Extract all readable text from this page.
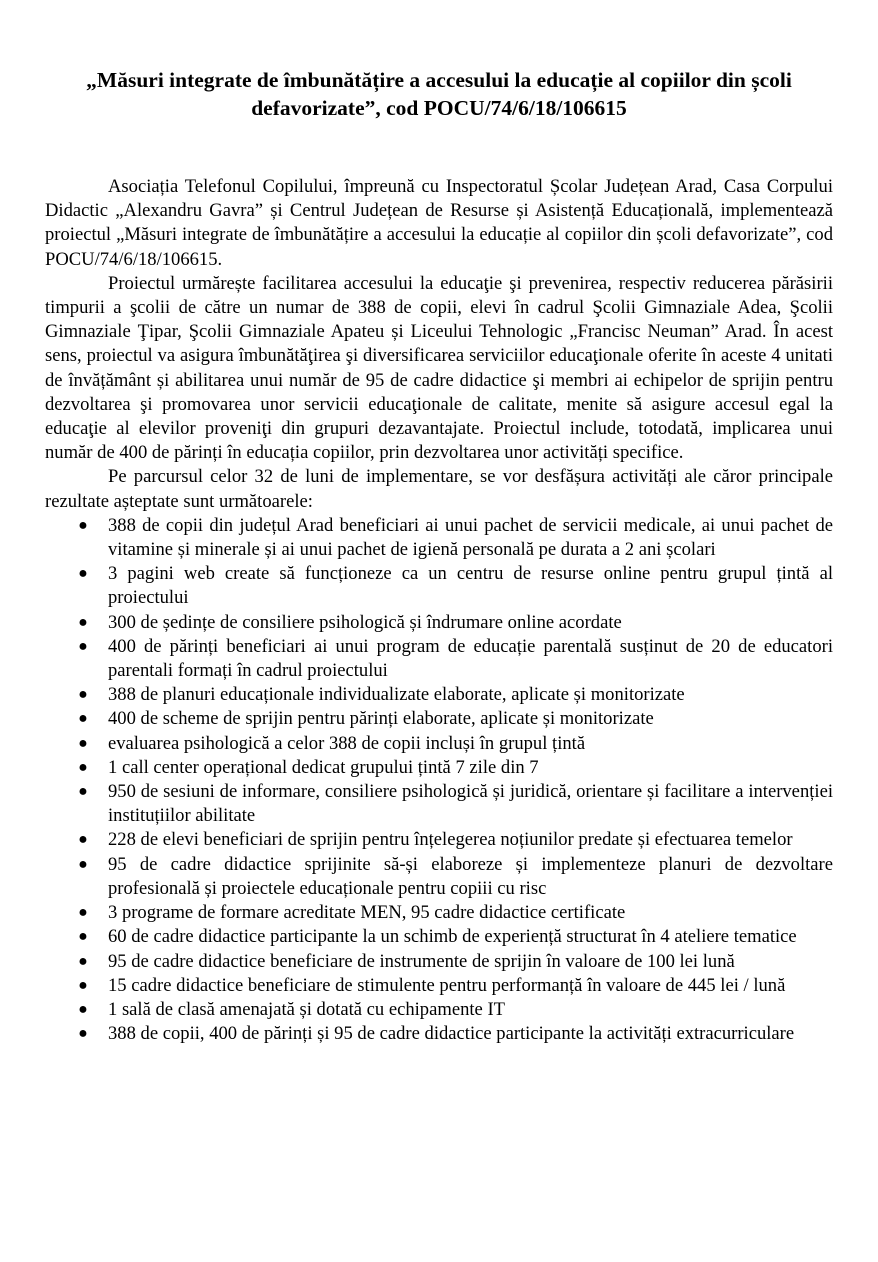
„Măsuri integrate de îmbunătățire a accesului la educație al copiilor din școli defavorizate”, cod POCU/74/6/18/106615

Asociația Telefonul Copilului, împreună cu Inspectoratul Școlar Județean Arad, Casa Corpului Didactic „Alexandru Gavra” și Centrul Județean de Resurse și Asistență Educațională, implementează proiectul „Măsuri integrate de îmbunătățire a accesului la educație al copiilor din școli defavorizate”, cod POCU/74/6/18/106615.

Proiectul urmărește facilitarea accesului la educaţie şi prevenirea, respectiv reducerea părăsirii timpurii a şcolii de către un numar de 388 de copii, elevi în cadrul Şcolii Gimnaziale Adea, Şcolii Gimnaziale Ţipar, Şcolii Gimnaziale Apateu și Liceului Tehnologic „Francisc Neuman” Arad. În acest sens, proiectul va asigura îmbunătăţirea şi diversificarea serviciilor educaţionale oferite în aceste 4 unitati de învățământ și abilitarea unui număr de 95 de cadre didactice şi membri ai echipelor de sprijin pentru dezvoltarea şi promovarea unor servicii educaţionale de calitate, menite să asigure accesul egal la educaţie al elevilor proveniţi din grupuri dezavantajate. Proiectul include, totodată, implicarea unui număr de 400 de părinți în educația copiilor, prin dezvoltarea unor activități specifice.

Pe parcursul celor 32 de luni de implementare, se vor desfășura activități ale căror principale rezultate așteptate sunt următoarele:

● 388 de copii din județul Arad beneficiari ai unui pachet de servicii medicale, ai unui pachet de vitamine și minerale și ai unui pachet de igienă personală pe durata a 2 ani școlari
● 3 pagini web create să funcționeze ca un centru de resurse online pentru grupul țintă al proiectului
● 300 de ședințe de consiliere psihologică și îndrumare online acordate
● 400 de părinți beneficiari ai unui program de educație parentală susținut de 20 de educatori parentali formați în cadrul proiectului
● 388 de planuri educaționale individualizate elaborate, aplicate și monitorizate
● 400 de scheme de sprijin pentru părinți elaborate, aplicate și monitorizate
● evaluarea psihologică a celor 388 de copii incluși în grupul țintă
● 1 call center operațional dedicat grupului țintă 7 zile din 7
● 950 de sesiuni de informare, consiliere psihologică și juridică, orientare și facilitare a intervenției instituțiilor abilitate
● 228 de elevi beneficiari de sprijin pentru înțelegerea noțiunilor predate și efectuarea temelor
● 95 de cadre didactice sprijinite să-și elaboreze și implementeze planuri de dezvoltare profesională și proiectele educaționale pentru copiii cu risc
● 3 programe de formare acreditate MEN, 95 cadre didactice certificate
● 60 de cadre didactice participante la un schimb de experiență structurat în 4 ateliere tematice
● 95 de cadre didactice beneficiare de instrumente de sprijin în valoare de 100 lei lună
● 15 cadre didactice beneficiare de stimulente pentru performanță în valoare de 445 lei / lună
● 1 sală de clasă amenajată și dotată cu echipamente IT
● 388 de copii, 400 de părinți și 95 de cadre didactice participante la activități extracurriculare
